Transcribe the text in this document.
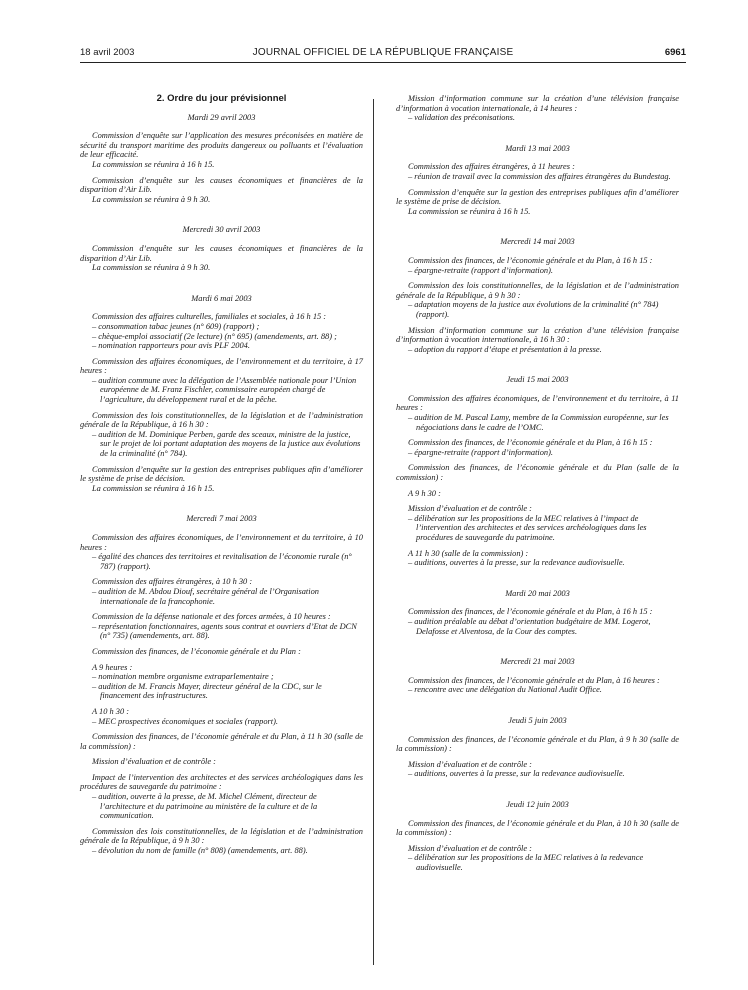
18 avril 2003	JOURNAL OFFICIEL DE LA RÉPUBLIQUE FRANÇAISE	6961
2. Ordre du jour prévisionnel
Mardi 29 avril 2003

Commission d’enquête sur l’application des mesures préconisées en matière de sécurité du transport maritime des produits dangereux ou polluants et l’évaluation de leur efficacité.

La commission se réunira à 16 h 15.

Commission d’enquête sur les causes économiques et financières de la disparition d’Air Lib.

La commission se réunira à 9 h 30.

Mercredi 30 avril 2003

Commission d’enquête sur les causes économiques et financières de la disparition d’Air Lib.

La commission se réunira à 9 h 30.

Mardi 6 mai 2003

Commission des affaires culturelles, familiales et sociales, à 16 h 15 :

– consommation tabac jeunes (n° 609) (rapport) ;

– chèque-emploi associatif (2e lecture) (n° 695) (amendements, art. 88) ;

– nomination rapporteurs pour avis PLF 2004.

Commission des affaires économiques, de l’environnement et du territoire, à 17 heures :

– audition commune avec la délégation de l’Assemblée nationale pour l’Union européenne de M. Franz Fischler, commissaire européen chargé de l’agriculture, du développement rural et de la pêche.

Commission des lois constitutionnelles, de la législation et de l’administration générale de la République, à 16 h 30 :

– audition de M. Dominique Perben, garde des sceaux, ministre de la justice, sur le projet de loi portant adaptation des moyens de la justice aux évolutions de la criminalité (n° 784).

Commission d’enquête sur la gestion des entreprises publiques afin d’améliorer le système de prise de décision.

La commission se réunira à 16 h 15.

Mercredi 7 mai 2003

Commission des affaires économiques, de l’environnement et du territoire, à 10 heures :

– égalité des chances des territoires et revitalisation de l’économie rurale (n° 787) (rapport).

Commission des affaires étrangères, à 10 h 30 :

– audition de M. Abdou Diouf, secrétaire général de l’Organisation internationale de la francophonie.

Commission de la défense nationale et des forces armées, à 10 heures :

– représentation fonctionnaires, agents sous contrat et ouvriers d’Etat de DCN (n° 735) (amendements, art. 88).

Commission des finances, de l’économie générale et du Plan :

A 9 heures :

– nomination membre organisme extraparlementaire ;

– audition de M. Francis Mayer, directeur général de la CDC, sur le financement des infrastructures.

A 10 h 30 :

– MEC prospectives économiques et sociales (rapport).

Commission des finances, de l’économie générale et du Plan, à 11 h 30 (salle de la commission) :

Mission d’évaluation et de contrôle :

Impact de l’intervention des architectes et des services archéologiques dans les procédures de sauvegarde du patrimoine :

– audition, ouverte à la presse, de M. Michel Clément, directeur de l’architecture et du patrimoine au ministère de la culture et de la communication.

Commission des lois constitutionnelles, de la législation et de l’administration générale de la République, à 9 h 30 :

– dévolution du nom de famille (n° 808) (amendements, art. 88).

Mission d’information commune sur la création d’une télévision française d’information à vocation internationale, à 14 heures :

– validation des préconisations.

Mardi 13 mai 2003

Commission des affaires étrangères, à 11 heures :

– réunion de travail avec la commission des affaires étrangères du Bundestag.

Commission d’enquête sur la gestion des entreprises publiques afin d’améliorer le système de prise de décision.

La commission se réunira à 16 h 15.

Mercredi 14 mai 2003

Commission des finances, de l’économie générale et du Plan, à 16 h 15 :

– épargne-retraite (rapport d’information).

Commission des lois constitutionnelles, de la législation et de l’administration générale de la République, à 9 h 30 :

– adaptation moyens de la justice aux évolutions de la criminalité (n° 784) (rapport).

Mission d’information commune sur la création d’une télévision française d’information à vocation internationale, à 16 h 30 :

– adoption du rapport d’étape et présentation à la presse.

Jeudi 15 mai 2003

Commission des affaires économiques, de l’environnement et du territoire, à 11 heures :

– audition de M. Pascal Lamy, membre de la Commission européenne, sur les négociations dans le cadre de l’OMC.

Commission des finances, de l’économie générale et du Plan, à 16 h 15 :

– épargne-retraite (rapport d’information).

Commission des finances, de l’économie générale et du Plan (salle de la commission) :

A 9 h 30 :

Mission d’évaluation et de contrôle :

– délibération sur les propositions de la MEC relatives à l’impact de l’intervention des architectes et des services archéologiques dans les procédures de sauvegarde du patrimoine.

A 11 h 30 (salle de la commission) :

– auditions, ouvertes à la presse, sur la redevance audiovisuelle.

Mardi 20 mai 2003

Commission des finances, de l’économie générale et du Plan, à 16 h 15 :

– audition préalable au débat d’orientation budgétaire de MM. Logerot, Delafosse et Alventosa, de la Cour des comptes.

Mercredi 21 mai 2003

Commission des finances, de l’économie générale et du Plan, à 16 heures :

– rencontre avec une délégation du National Audit Office.

Jeudi 5 juin 2003

Commission des finances, de l’économie générale et du Plan, à 9 h 30 (salle de la commission) :

Mission d’évaluation et de contrôle :

– auditions, ouvertes à la presse, sur la redevance audiovisuelle.

Jeudi 12 juin 2003

Commission des finances, de l’économie générale et du Plan, à 10 h 30 (salle de la commission) :

Mission d’évaluation et de contrôle :

– délibération sur les propositions de la MEC relatives à la redevance audiovisuelle.
